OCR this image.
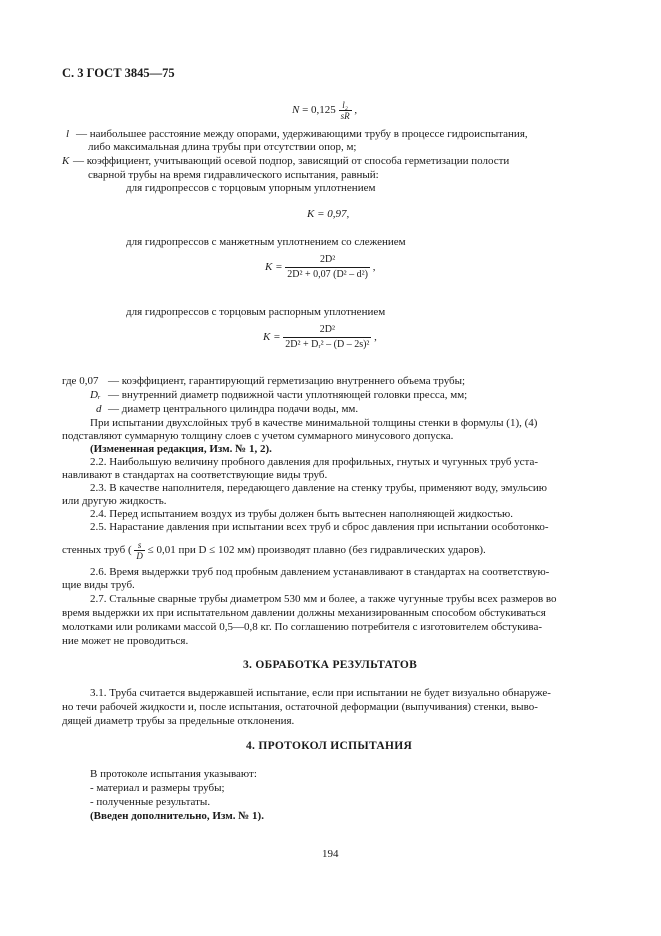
С. 3 ГОСТ 3845—75
$N = 0,125 \frac{\text{l₂}}{sR}$ ,
l — наибольшее расстояние между опорами, удерживающими трубу в процессе гидроиспытания,
либо максимальная длина трубы при отсутствии опор, м;
K — коэффициент, учитывающий осевой подпор, зависящий от способа герметизации полости
сварной трубы на время гидравлического испытания, равный:
для гидропрессов с торцовым упорным уплотнением
K = 0,97,
для гидропрессов с манжетным уплотнением со слежением
$K = \frac{\text{2D²}}{\text{2D² + 0,07 (D² – d²)}}$ ,
для гидропрессов с торцовым распорным уплотнением
$K = \frac{\text{2D²}}{\text{2D² + Dᵣ² – (D – 2s)²}}$ ,
где 0,07 — коэффициент, гарантирующий герметизацию внутреннего объема трубы;
Dᵣ — внутренний диаметр подвижной части уплотняющей головки пресса, мм;
d — диаметр центрального цилиндра подачи воды, мм.
При испытании двухслойных труб в качестве минимальной толщины стенки в формулы (1), (4)
подставляют суммарную толщину слоев с учетом суммарного минусового допуска.
(Измененная редакция, Изм. № 1, 2).
2.2. Наибольшую величину пробного давления для профильных, гнутых и чугунных труб уста-
навливают в стандартах на соответствующие виды труб.
2.3. В качестве наполнителя, передающего давление на стенку трубы, применяют воду, эмульсию
или другую жидкость.
2.4. Перед испытанием воздух из трубы должен быть вытеснен наполняющей жидкостью.
2.5. Нарастание давления при испытании всех труб и сброс давления при испытании особотонко-
стенных труб ( $\frac{s}{D} \le 0,01$ при D ≤ 102 мм) производят плавно (без гидравлических ударов).
2.6. Время выдержки труб под пробным давлением устанавливают в стандартах на соответствую-
щие виды труб.
2.7. Стальные сварные трубы диаметром 530 мм и более, а также чугунные трубы всех размеров во
время выдержки их при испытательном давлении должны механизированным способом обстукиваться
молотками или роликами массой 0,5—0,8 кг. По соглашению потребителя с изготовителем обстукива-
ние может не проводиться.
3. ОБРАБОТКА РЕЗУЛЬТАТОВ
3.1. Труба считается выдержавшей испытание, если при испытании не будет визуально обнаруже-
но течи рабочей жидкости и, после испытания, остаточной деформации (выпучивания) стенки, выво-
дящей диаметр трубы за предельные отклонения.
4. ПРОТОКОЛ ИСПЫТАНИЯ
В протоколе испытания указывают:
- материал и размеры трубы;
- полученные результаты.
(Введен дополнительно, Изм. № 1).
194
